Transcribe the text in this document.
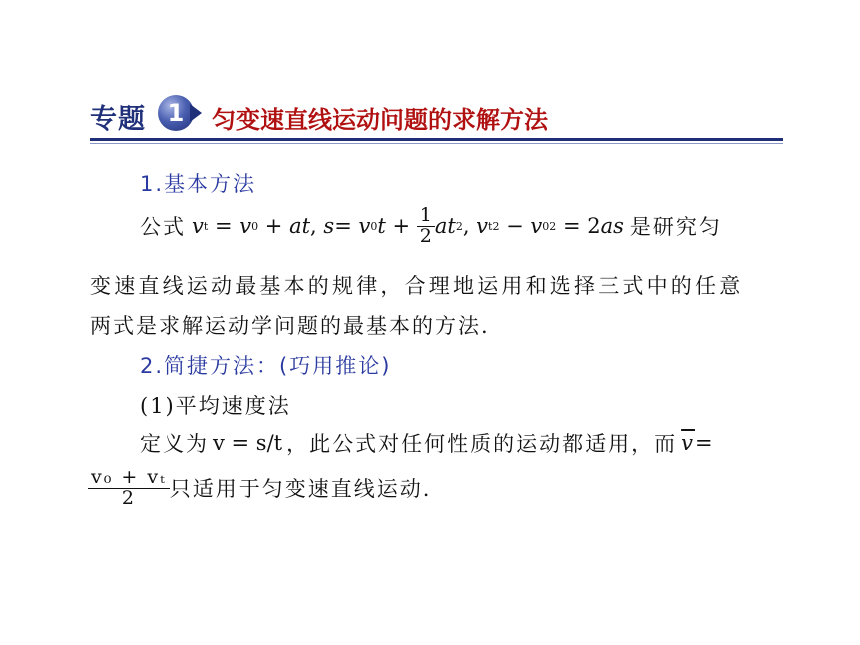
专题 1	匀变速直线运动问题的求解方法
1.基本方法
公式 v t = v 0 + at , s = v 0 $t + \frac{1}{2}$ at 2 , v t 2 − v 0 2 = 2 as 是研究匀
变速直线运动最基本的规律，合理地运用和选择三式中的任意
两式是求解运动学问题的最基本的方法.
2.简捷方法：(巧用推论)
(1)平均速度法
定义为 v = s/t ，此公式对任何性质的运动都适用，而 $\overline{v}$ =
$\frac{\text{v₀ + vₜ}}{2}$ 只适用于匀变速直线运动.
